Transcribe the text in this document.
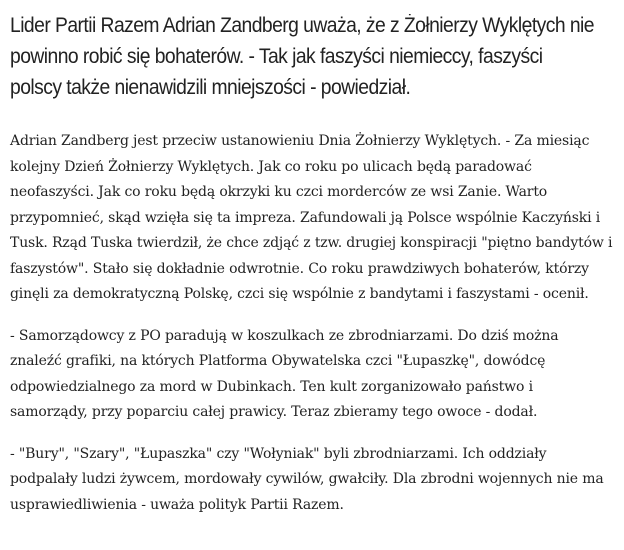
Lider Partii Razem Adrian Zandberg uważa, że z Żołnierzy Wyklętych nie
powinno robić się bohaterów. - Tak jak faszyści niemieccy, faszyści
polscy także nienawidzili mniejszości - powiedział.

Adrian Zandberg jest przeciw ustanowieniu Dnia Żołnierzy Wyklętych. - Za miesiąc
kolejny Dzień Żołnierzy Wyklętych. Jak co roku po ulicach będą paradować
neofaszyści. Jak co roku będą okrzyki ku czci morderców ze wsi Zanie. Warto
przypomnieć, skąd wzięła się ta impreza. Zafundowali ją Polsce wspólnie Kaczyński i
Tusk. Rząd Tuska twierdził, że chce zdjąć z tzw. drugiej konspiracji "piętno bandytów i
faszystów". Stało się dokładnie odwrotnie. Co roku prawdziwych bohaterów, którzy
ginęli za demokratyczną Polskę, czci się wspólnie z bandytami i faszystami - ocenił.

- Samorządowcy z PO paradują w koszulkach ze zbrodniarzami. Do dziś można
znaleźć grafiki, na których Platforma Obywatelska czci "Łupaszkę", dowódcę
odpowiedzialnego za mord w Dubinkach. Ten kult zorganizowało państwo i
samorządy, przy poparciu całej prawicy. Teraz zbieramy tego owoce - dodał.

- "Bury", "Szary", "Łupaszka" czy "Wołyniak" byli zbrodniarzami. Ich oddziały
podpalały ludzi żywcem, mordowały cywilów, gwałciły. Dla zbrodni wojennych nie ma
usprawiedliwienia - uważa polityk Partii Razem.
